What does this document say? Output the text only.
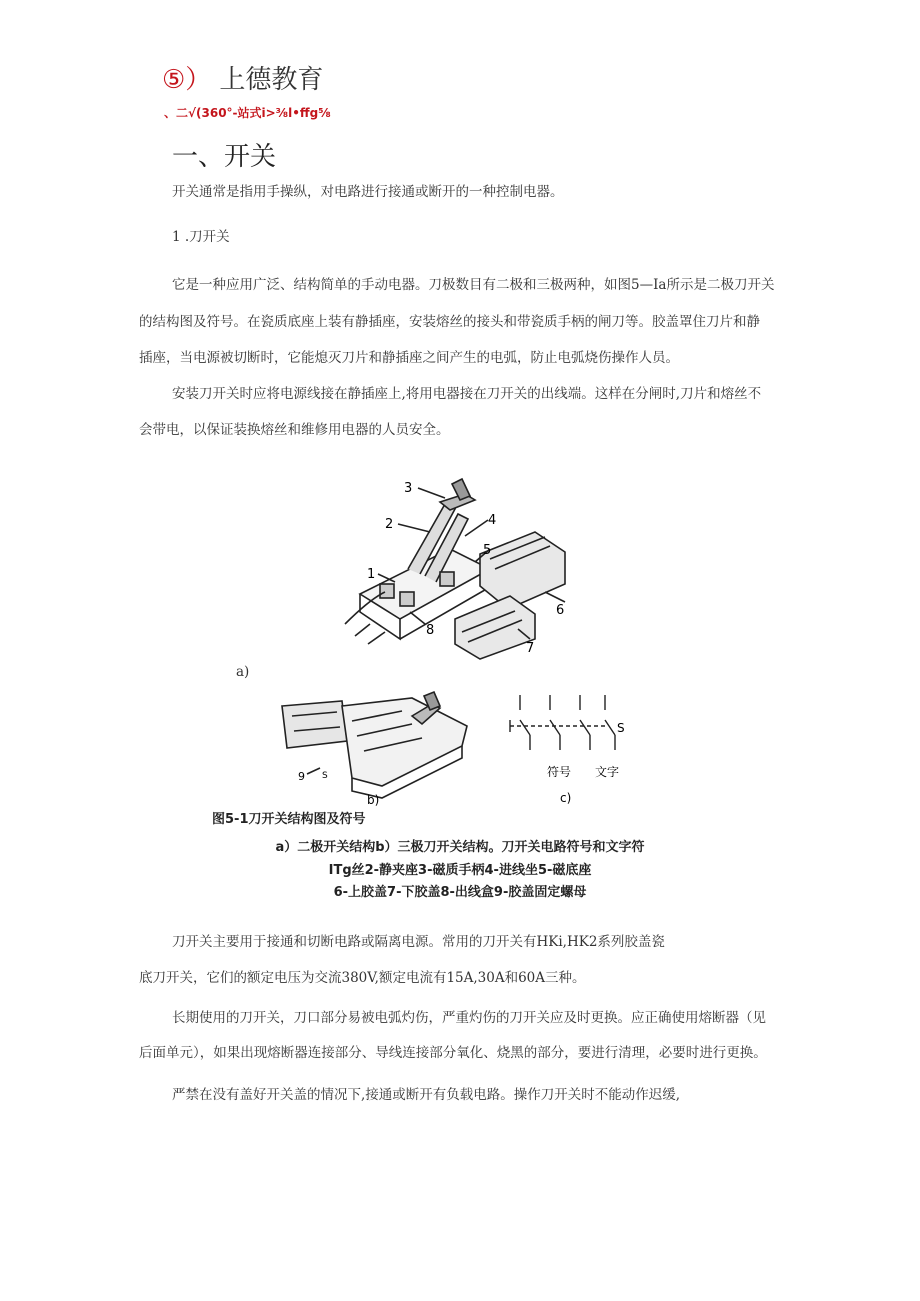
⑤） 上德教育
、二√(360°-站式i>⅜l•ffg⅝
一、开关
开关通常是指用手操纵，对电路进行接通或断开的一种控制电器。
1 .刀开关
它是一种应用广泛、结构简单的手动电器。刀极数目有二极和三极两种，如图5—Ia所示是二极刀开关
的结构图及符号。在瓷质底座上装有静插座，安装熔丝的接头和带瓷质手柄的闸刀等。胶盖罩住刀片和静
插座，当电源被切断时，它能熄灭刀片和静插座之间产生的电弧，防止电弧烧伤操作人员。
安装刀开关时应将电源线接在静插座上,将用电器接在刀开关的出线端。这样在分闸时,刀片和熔丝不
会带电，以保证装换熔丝和维修用电器的人员安全。
3
2	4
5
1
8
6
7
a)
9 S
b)
S
符号 文字
c)
图5-1刀开关结构图及符号
a）二极开关结构b）三极刀开关结构。刀开关电路符号和文字符
ITg丝2-静夹座3-磁质手柄4-进线坐5-磁底座
6-上胶盖7-下胶盖8-出线盒9-胶盖固定螺母
刀开关主要用于接通和切断电路或隔离电源。常用的刀开关有HKi,HK2系列胶盖瓷
底刀开关，它们的额定电压为交流380V,额定电流有15A,30A和60A三种。
长期使用的刀开关，刀口部分易被电弧灼伤，严重灼伤的刀开关应及时更换。应正确使用熔断器（见
后面单元），如果出现熔断器连接部分、导线连接部分氧化、烧黑的部分，要进行清理，必要时进行更换。
严禁在没有盖好开关盖的情况下,接通或断开有负载电路。操作刀开关时不能动作迟缓,
